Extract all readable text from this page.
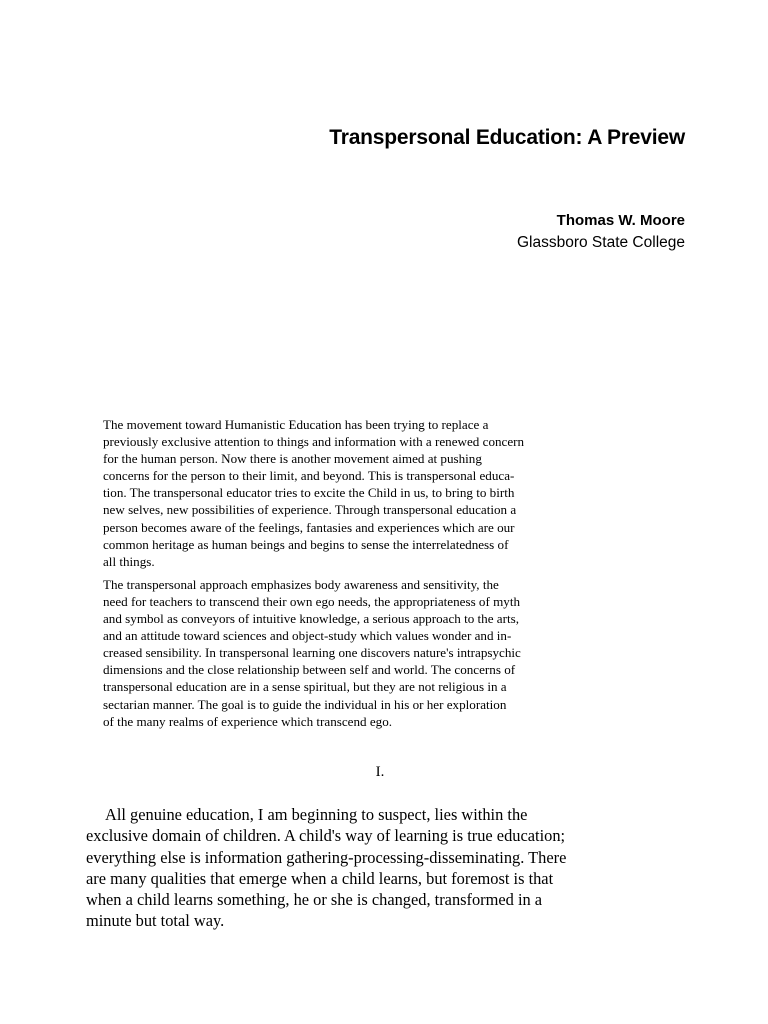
Transpersonal Education: A Preview
Thomas W. Moore
Glassboro State College

The movement toward Humanistic Education has been trying to replace a
previously exclusive attention to things and information with a renewed concern
for the human person. Now there is another movement aimed at pushing
concerns for the person to their limit, and beyond. This is transpersonal educa-
tion. The transpersonal educator tries to excite the Child in us, to bring to birth
new selves, new possibilities of experience. Through transpersonal education a
person becomes aware of the feelings, fantasies and experiences which are our
common heritage as human beings and begins to sense the interrelatedness of
all things.

The transpersonal approach emphasizes body awareness and sensitivity, the
need for teachers to transcend their own ego needs, the appropriateness of myth
and symbol as conveyors of intuitive knowledge, a serious approach to the arts,
and an attitude toward sciences and object-study which values wonder and in-
creased sensibility. In transpersonal learning one discovers nature's intrapsychic
dimensions and the close relationship between self and world. The concerns of
transpersonal education are in a sense spiritual, but they are not religious in a
sectarian manner. The goal is to guide the individual in his or her exploration
of the many realms of experience which transcend ego.

I.

All genuine education, I am beginning to suspect, lies within the
exclusive domain of children. A child's way of learning is true education;
everything else is information gathering-processing-disseminating. There
are many qualities that emerge when a child learns, but foremost is that
when a child learns something, he or she is changed, transformed in a
minute but total way.
